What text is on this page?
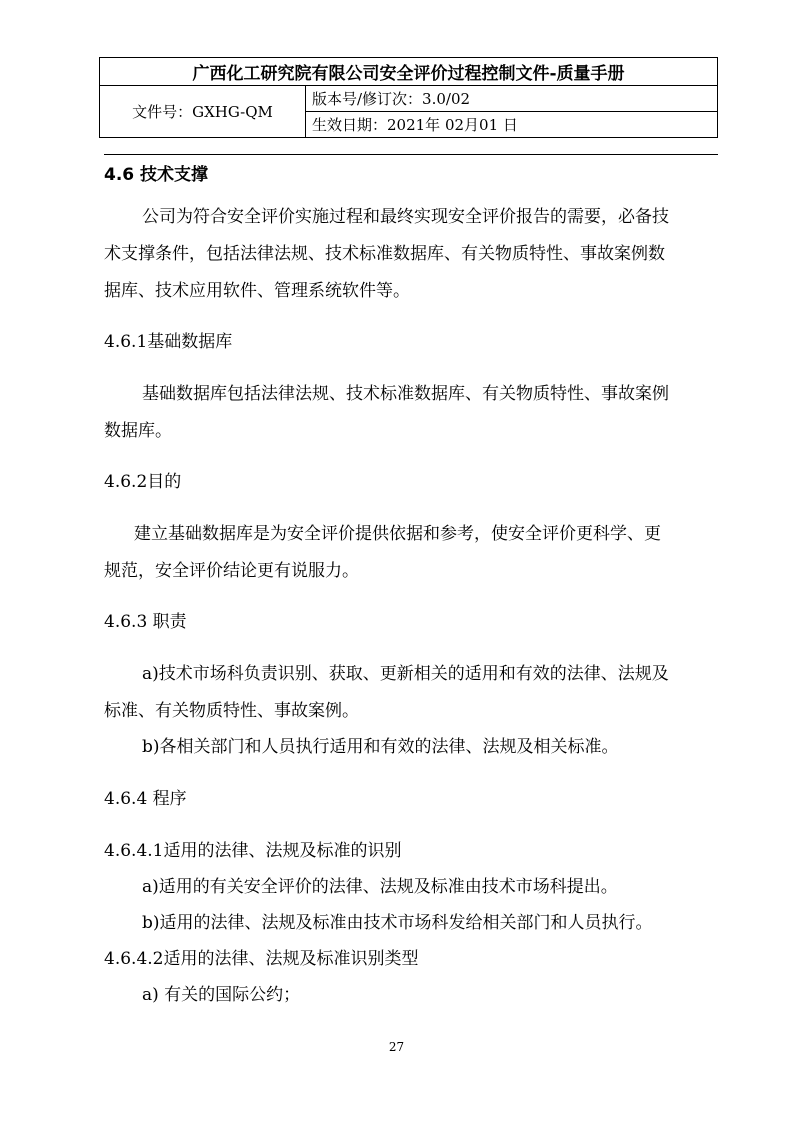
广西化工研究院有限公司安全评价过程控制文件-质量手册
文件号：GXHG-QM	版本号/修订次：3.0/02
生效日期：2021年 02月01 日
4.6 技术支撑
公司为符合安全评价实施过程和最终实现安全评价报告的需要，必备技
术支撑条件，包括法律法规、技术标准数据库、有关物质特性、事故案例数
据库、技术应用软件、管理系统软件等。
4.6.1基础数据库
基础数据库包括法律法规、技术标准数据库、有关物质特性、事故案例
数据库。
4.6.2目的
建立基础数据库是为安全评价提供依据和参考，使安全评价更科学、更
规范，安全评价结论更有说服力。
4.6.3 职责
a)技术市场科负责识别、获取、更新相关的适用和有效的法律、法规及
标准、有关物质特性、事故案例。
b)各相关部门和人员执行适用和有效的法律、法规及相关标准。
4.6.4 程序
4.6.4.1适用的法律、法规及标准的识别
a)适用的有关安全评价的法律、法规及标准由技术市场科提出。
b)适用的法律、法规及标准由技术市场科发给相关部门和人员执行。
4.6.4.2适用的法律、法规及标准识别类型
a) 有关的国际公约；
27
